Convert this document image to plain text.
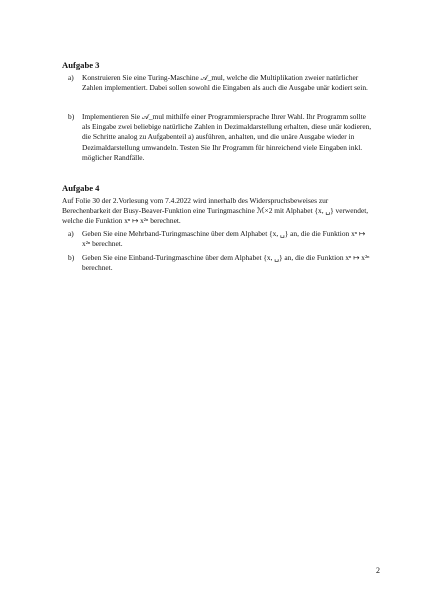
Aufgabe 3
a) Konstruieren Sie eine Turing-Maschine 𝒜_mul, welche die Multiplikation zweier natürlicher Zahlen implementiert. Dabei sollen sowohl die Eingaben als auch die Ausgabe unär kodiert sein.
b) Implementieren Sie 𝒜_mul mithilfe einer Programmiersprache Ihrer Wahl. Ihr Programm sollte als Eingabe zwei beliebige natürliche Zahlen in Dezimaldarstellung erhalten, diese unär kodieren, die Schritte analog zu Aufgabenteil a) ausführen, anhalten, und die unäre Ausgabe wieder in Dezimaldarstellung umwandeln. Testen Sie Ihr Programm für hinreichend viele Eingaben inkl. möglicher Randfälle.
Aufgabe 4
Auf Folie 30 der 2.Vorlesung vom 7.4.2022 wird innerhalb des Widerspruchsbeweises zur Berechenbarkeit der Busy-Beaver-Funktion eine Turingmaschine ℳ×2 mit Alphabet {x, ␣} verwendet, welche die Funktion xⁿ ↦ x²ⁿ berechnet.
a) Geben Sie eine Mehrband-Turingmaschine über dem Alphabet {x, ␣} an, die die Funktion xⁿ ↦ x²ⁿ berechnet.
b) Geben Sie eine Einband-Turingmaschine über dem Alphabet {x, ␣} an, die die Funktion xⁿ ↦ x²ⁿ berechnet.
2
